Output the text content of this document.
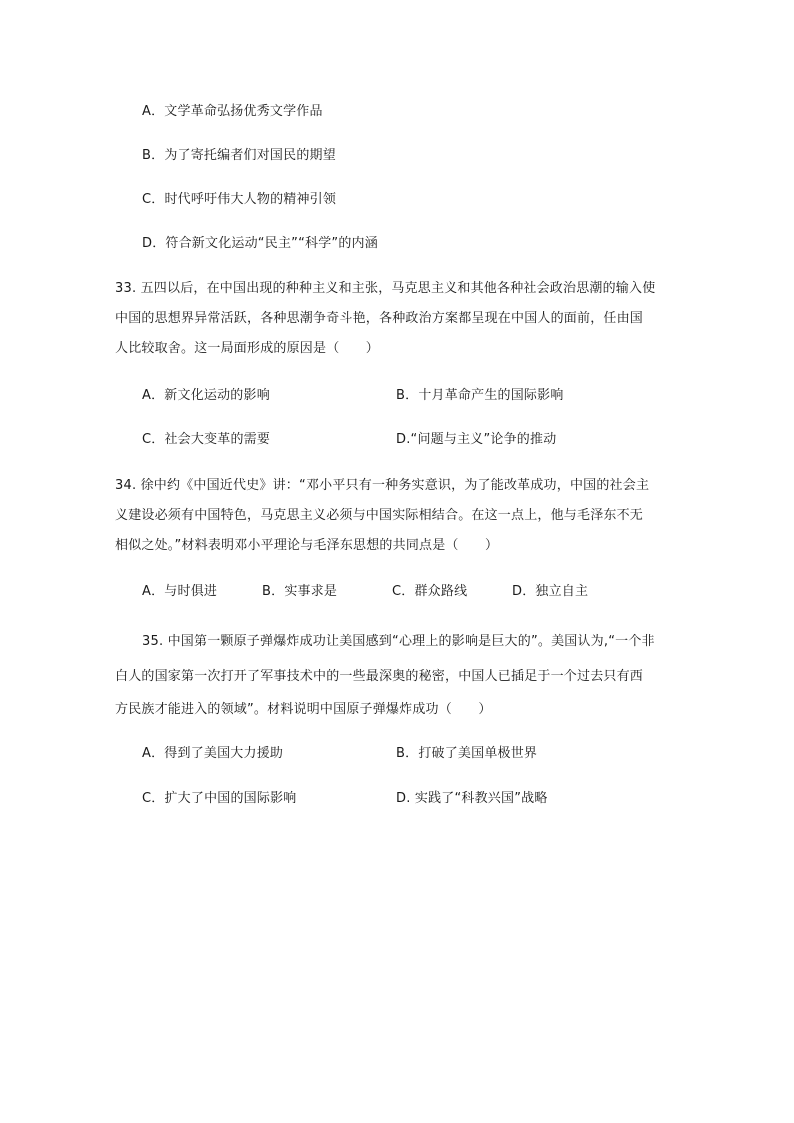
A．文学革命弘扬优秀文学作品
B．为了寄托编者们对国民的期望
C．时代呼吁伟大人物的精神引领
D．符合新文化运动“民主”“科学”的内涵
33. 五四以后，在中国出现的种种主义和主张，马克思主义和其他各种社会政治思潮的输入使
中国的思想界异常活跃，各种思潮争奇斗艳，各种政治方案都呈现在中国人的面前，任由国
人比较取舍。这一局面形成的原因是（　　）
A．新文化运动的影响	B．十月革命产生的国际影响
C．社会大变革的需要	D.“问题与主义”论争的推动
34. 徐中约《中国近代史》讲：“邓小平只有一种务实意识，为了能改革成功，中国的社会主
义建设必须有中国特色，马克思主义必须与中国实际相结合。在这一点上，他与毛泽东不无
相似之处。”材料表明邓小平理论与毛泽东思想的共同点是（　　）
A．与时俱进	B．实事求是	C．群众路线	D．独立自主
35. 中国第一颗原子弹爆炸成功让美国感到“心理上的影响是巨大的”。美国认为,“一个非
白人的国家第一次打开了军事技术中的一些最深奥的秘密，中国人已插足于一个过去只有西
方民族才能进入的领域”。材料说明中国原子弹爆炸成功（　　）
A．得到了美国大力援助	B．打破了美国单极世界
C．扩大了中国的国际影响	D. 实践了“科教兴国”战略
